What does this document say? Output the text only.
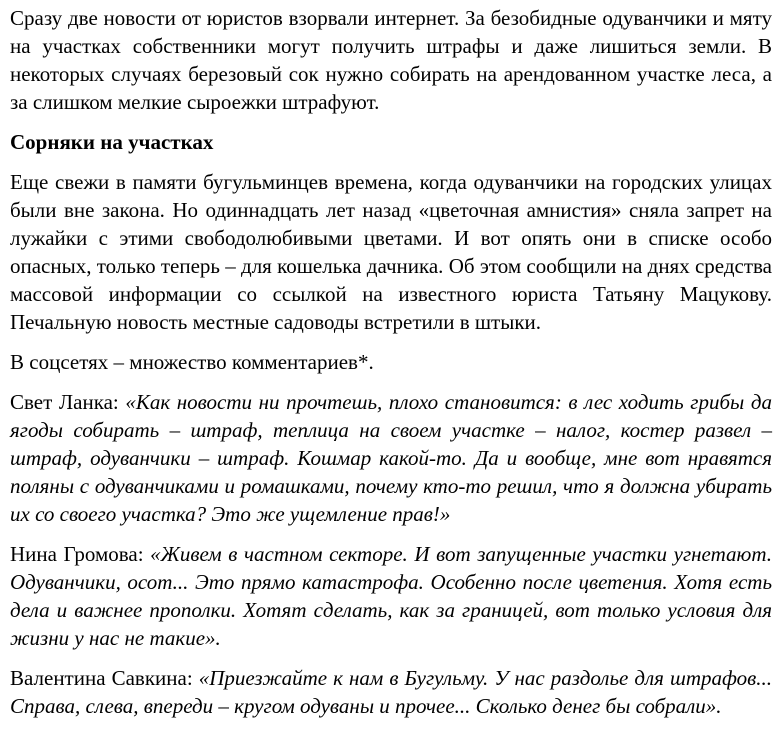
Сразу две новости от юристов взорвали интернет. За безобидные одуванчики и мяту на участках собственники могут получить штрафы и даже лишиться земли. В некоторых случаях березовый сок нужно собирать на арендованном участке леса, а за слишком мелкие сыроежки штрафуют.

Сорняки на участках

Еще свежи в памяти бугульминцев времена, когда одуванчики на городских улицах были вне закона. Но одиннадцать лет назад «цветочная амнистия» сняла запрет на лужайки с этими свободолюбивыми цветами. И вот опять они в списке особо опасных, только теперь – для кошелька дачника. Об этом сообщили на днях средства массовой информации со ссылкой на известного юриста Татьяну Мацукову. Печальную новость местные садоводы встретили в штыки.

В соцсетях – множество комментариев*.

Свет Ланка: «Как новости ни прочтешь, плохо становится: в лес ходить грибы да ягоды собирать – штраф, теплица на своем участке – налог, костер развел – штраф, одуванчики – штраф. Кошмар какой-то. Да и вообще, мне вот нравятся поляны с одуванчиками и ромашками, почему кто-то решил, что я должна убирать их со своего участка? Это же ущемление прав!»

Нина Громова: «Живем в частном секторе. И вот запущенные участки угнетают. Одуванчики, осот... Это прямо катастрофа. Особенно после цветения. Хотя есть дела и важнее прополки. Хотят сделать, как за границей, вот только условия для жизни у нас не такие».

Валентина Савкина: «Приезжайте к нам в Бугульму. У нас раздолье для штрафов... Справа, слева, впереди – кругом одуваны и прочее... Сколько денег бы собрали».
